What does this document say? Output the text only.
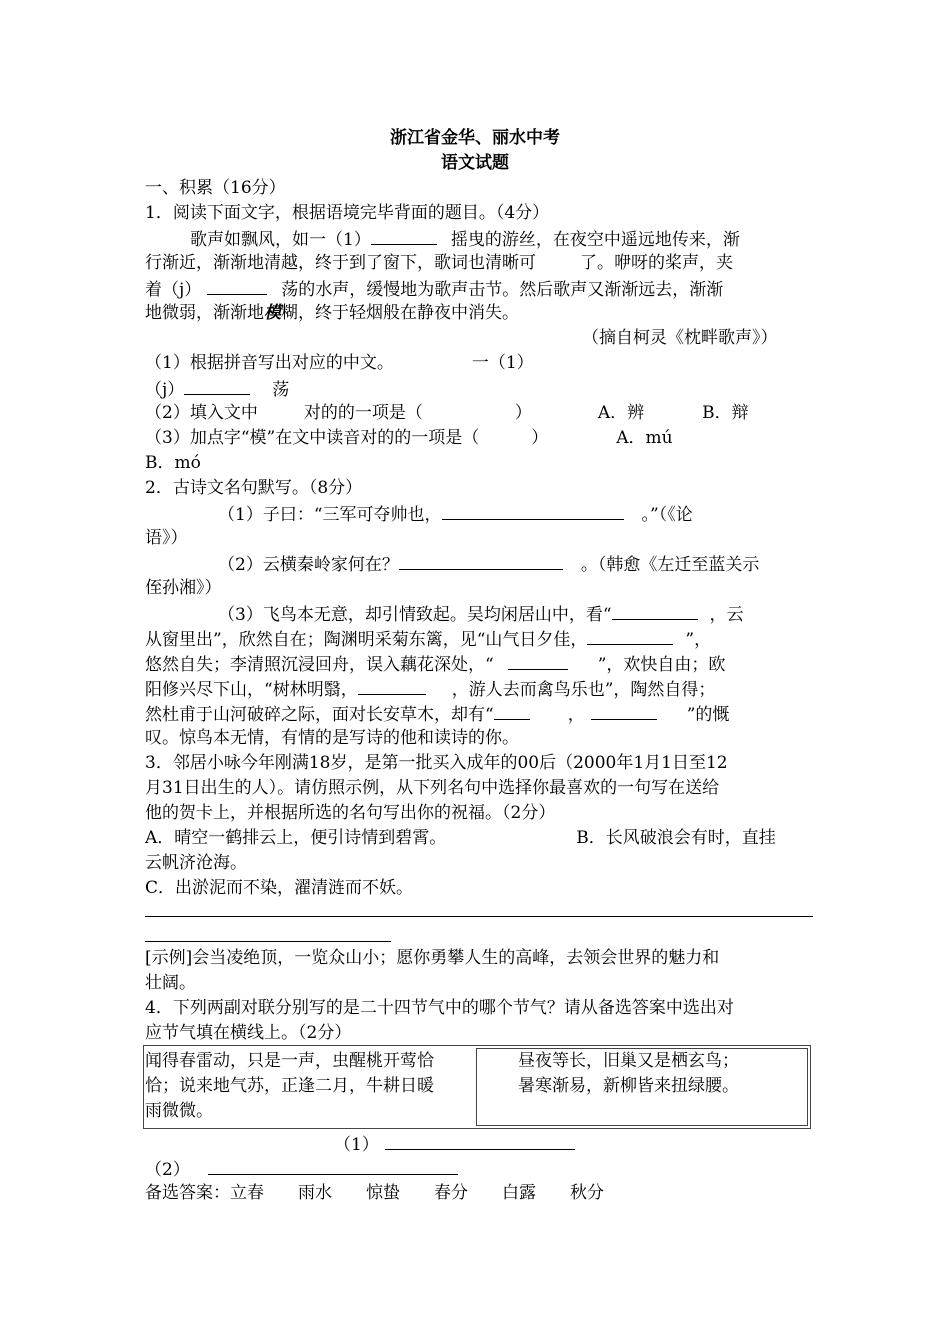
浙江省金华、丽水中考
语文试题
一、积累（16分）
1．阅读下面文字，根据语境完毕背面的题目。（4分）
歌声如飘风，如一（1）	摇曳的游丝，在夜空中遥远地传来，渐
行渐近，渐渐地清越，终于到了窗下，歌词也清晰可	了。咿呀的桨声，夹
着（j）	荡的水声，缓慢地为歌声击节。然后歌声又渐渐远去，渐渐
地微弱，渐渐地模糊，终于轻烟般在静夜中消失。
（摘自柯灵《枕畔歌声》）
（1）根据拼音写出对应的中文。	一（1）
（j）	荡
（2）填入文中	对的的一项是（	）	A．辨	B．辩
（3）加点字“模”在文中读音对的的一项是（	）	A．mú
B．mó
2．古诗文名句默写。（8分）
（1）子曰：“三军可夺帅也，	。”（《论
语》）
（2）云横秦岭家何在？	。（韩愈《左迁至蓝关示
侄孙湘》）
（3）飞鸟本无意，却引情致起。吴均闲居山中，看“	，云
从窗里出”，欣然自在；陶渊明采菊东篱，见“山气日夕佳，	”，
悠然自失；李清照沉浸回舟，误入藕花深处，“	”，欢快自由；欧
阳修兴尽下山，“树林明翳，	，游人去而禽鸟乐也”，陶然自得；
然杜甫于山河破碎之际，面对长安草木，却有“	，	”的慨
叹。惊鸟本无情，有情的是写诗的他和读诗的你。
3．邻居小咏今年刚满18岁，是第一批买入成年的00后（2000年1月1日至12
月31日出生的人）。请仿照示例，从下列名句中选择你最喜欢的一句写在送给
他的贺卡上，并根据所选的名句写出你的祝福。（2分）
A．晴空一鹤排云上，便引诗情到碧霄。	B．长风破浪会有时，直挂
云帆济沧海。
C．出淤泥而不染，濯清涟而不妖。
[示例]会当凌绝顶，一览众山小；愿你勇攀人生的高峰，去领会世界的魅力和
壮阔。
4．下列两副对联分别写的是二十四节气中的哪个节气？请从备选答案中选出对
应节气填在横线上。（2分）
闻得春雷动，只是一声，虫醒桃开莺恰
恰；说来地气苏，正逢二月，牛耕日暖
雨微微。
昼夜等长，旧巢又是栖玄鸟；
暑寒渐易，新柳皆来扭绿腰。
（1）
（2）
备选答案：立春　　雨水　　惊蛰　　春分　　白露　　秋分
